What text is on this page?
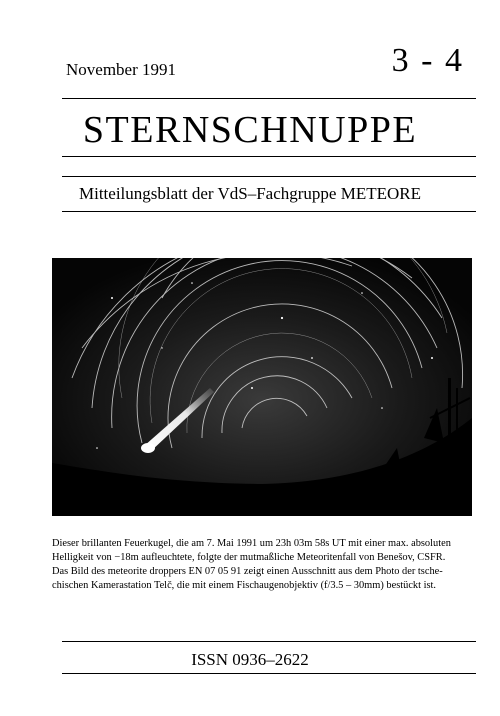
November 1991	3 - 4
STERNSCHNUPPE
Mitteilungsblatt der VdS–Fachgruppe METEORE
Dieser brillanten Feuerkugel, die am 7. Mai 1991 um 23h 03m 58s UT mit einer max. absoluten
Helligkeit von −18m aufleuchtete, folgte der mutmaßliche Meteoritenfall von Benešov, CSFR.
Das Bild des meteorite droppers EN 07 05 91 zeigt einen Ausschnitt aus dem Photo der tsche-
chischen Kamerastation Telč, die mit einem Fischaugenobjektiv (f/3.5 – 30mm) bestückt ist.
ISSN 0936–2622
